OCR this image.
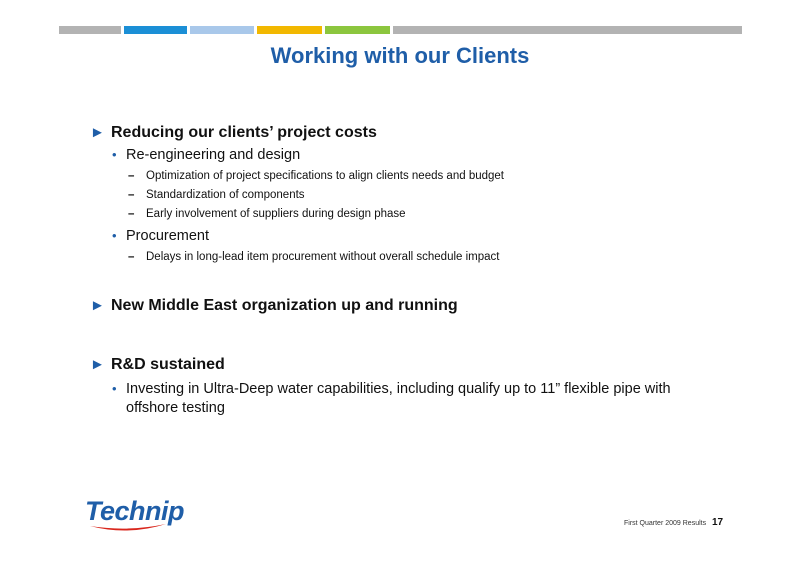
Working with our Clients
► Reducing our clients’ project costs
• Re-engineering and design
–	Optimization of project specifications to align clients needs and budget
–	Standardization of components
–	Early involvement of suppliers during design phase
• Procurement
–	Delays in long-lead item procurement without overall schedule impact
► New Middle East organization up and running
► R&D sustained
• Investing in Ultra-Deep water capabilities, including qualify up to 11” flexible pipe with offshore testing
Technip	First Quarter 2009 Results 17
